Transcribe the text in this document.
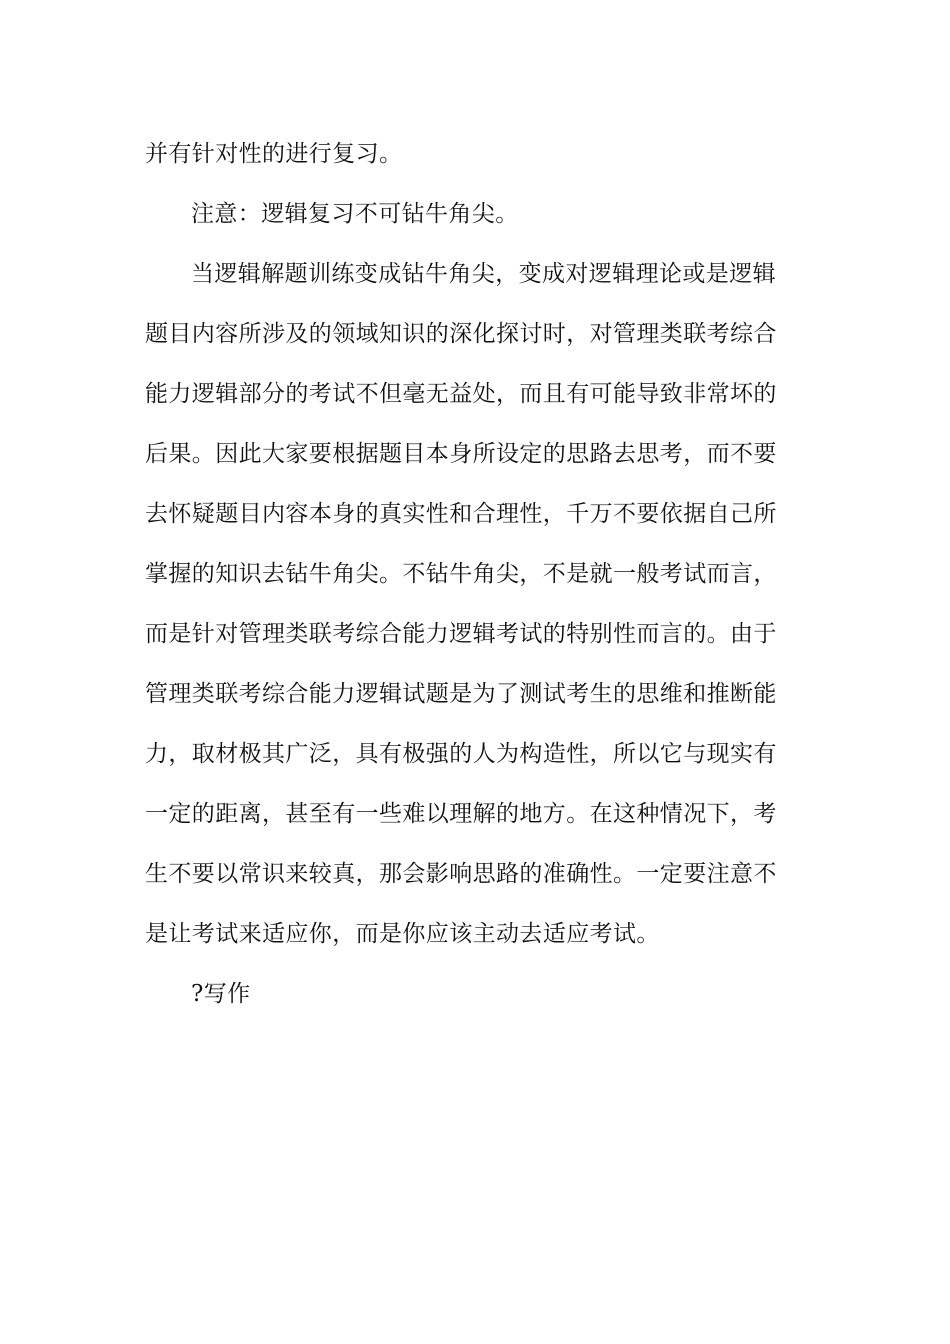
并有针对性的进行复习。
注意：逻辑复习不可钻牛角尖。
当逻辑解题训练变成钻牛角尖，变成对逻辑理论或是逻辑
题目内容所涉及的领域知识的深化探讨时，对管理类联考综合
能力逻辑部分的考试不但毫无益处，而且有可能导致非常坏的
后果。因此大家要根据题目本身所设定的思路去思考，而不要
去怀疑题目内容本身的真实性和合理性，千万不要依据自己所
掌握的知识去钻牛角尖。不钻牛角尖，不是就一般考试而言，
而是针对管理类联考综合能力逻辑考试的特别性而言的。由于
管理类联考综合能力逻辑试题是为了测试考生的思维和推断能
力，取材极其广泛，具有极强的人为构造性，所以它与现实有
一定的距离，甚至有一些难以理解的地方。在这种情况下，考
生不要以常识来较真，那会影响思路的准确性。一定要注意不
是让考试来适应你，而是你应该主动去适应考试。
?写作
